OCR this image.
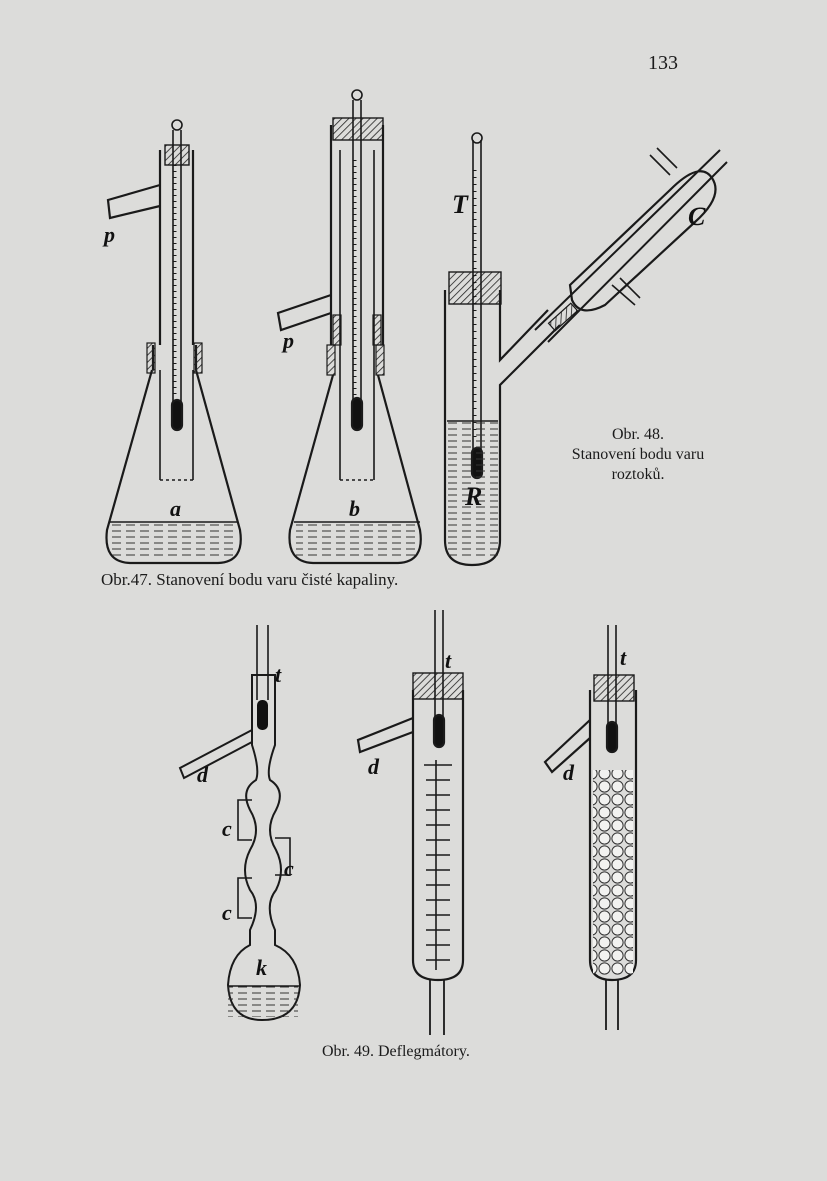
133
p
p
a	b
Obr.47. Stanovení bodu varu čisté kapaliny.
T	C
R
Obr. 48.
Stanovení bodu varu
roztoků.
t
d
c
c
c
k
t
d
t
d
Obr. 49. Deflegmátory.
